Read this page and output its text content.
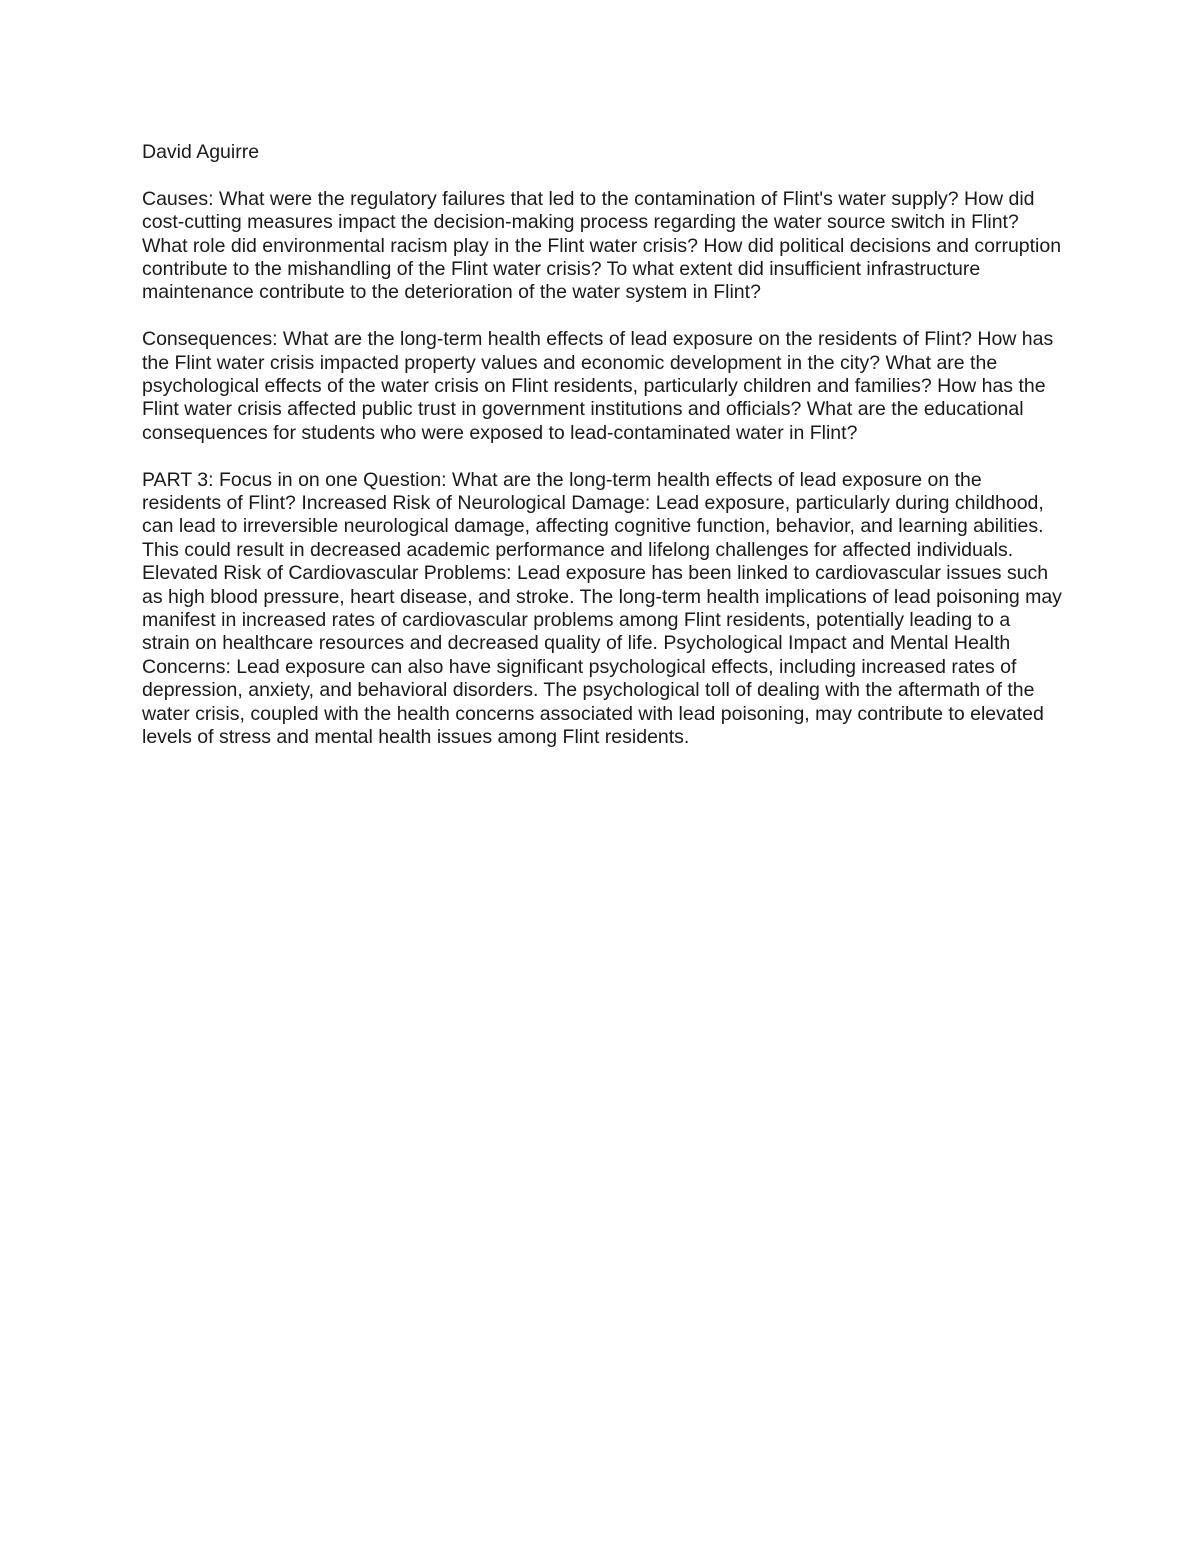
David Aguirre

Causes: What were the regulatory failures that led to the contamination of Flint's water supply? How did cost-cutting measures impact the decision-making process regarding the water source switch in Flint? What role did environmental racism play in the Flint water crisis? How did political decisions and corruption contribute to the mishandling of the Flint water crisis? To what extent did insufficient infrastructure maintenance contribute to the deterioration of the water system in Flint?

Consequences: What are the long-term health effects of lead exposure on the residents of Flint? How has the Flint water crisis impacted property values and economic development in the city? What are the psychological effects of the water crisis on Flint residents, particularly children and families? How has the Flint water crisis affected public trust in government institutions and officials? What are the educational consequences for students who were exposed to lead-contaminated water in Flint?

PART 3: Focus in on one Question: What are the long-term health effects of lead exposure on the residents of Flint? Increased Risk of Neurological Damage: Lead exposure, particularly during childhood, can lead to irreversible neurological damage, affecting cognitive function, behavior, and learning abilities. This could result in decreased academic performance and lifelong challenges for affected individuals. Elevated Risk of Cardiovascular Problems: Lead exposure has been linked to cardiovascular issues such as high blood pressure, heart disease, and stroke. The long-term health implications of lead poisoning may manifest in increased rates of cardiovascular problems among Flint residents, potentially leading to a strain on healthcare resources and decreased quality of life. Psychological Impact and Mental Health Concerns: Lead exposure can also have significant psychological effects, including increased rates of depression, anxiety, and behavioral disorders. The psychological toll of dealing with the aftermath of the water crisis, coupled with the health concerns associated with lead poisoning, may contribute to elevated levels of stress and mental health issues among Flint residents.
